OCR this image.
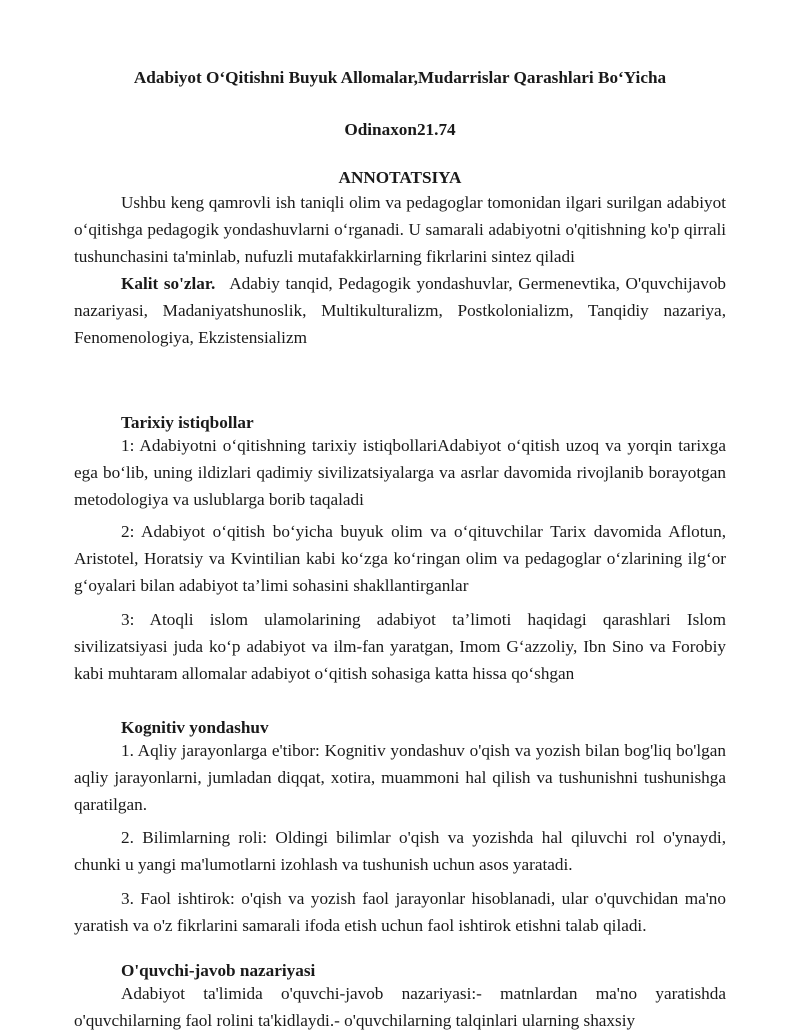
Adabiyot O‘Qitishni Buyuk Allomalar,Mudarrislar Qarashlari Bo‘Yicha
Odinaxon21.74
ANNOTATSIYA

Ushbu keng qamrovli ish taniqli olim va pedagoglar tomonidan ilgari surilgan adabiyot o‘qitishga pedagogik yondashuvlarni o‘rganadi. U samarali adabiyotni o'qitishning ko'p qirrali tushunchasini ta'minlab, nufuzli mutafakkirlarning fikrlarini sintez qiladi

Kalit so'zlar. Adabiy tanqid, Pedagogik yondashuvlar, Germenevtika, O'quvchijavob nazariyasi, Madaniyatshunoslik, Multikulturalizm, Postkolonializm, Tanqidiy nazariya, Fenomenologiya, Ekzistensializm

Tarixiy istiqbollar

1: Adabiyotni o‘qitishning tarixiy istiqbollariAdabiyot o‘qitish uzoq va yorqin tarixga ega bo‘lib, uning ildizlari qadimiy sivilizatsiyalarga va asrlar davomida rivojlanib borayotgan metodologiya va uslublarga borib taqaladi

2: Adabiyot o‘qitish bo‘yicha buyuk olim va o‘qituvchilar Tarix davomida Aflotun, Aristotel, Horatsiy va Kvintilian kabi ko‘zga ko‘ringan olim va pedagoglar o‘zlarining ilg‘or g‘oyalari bilan adabiyot ta’limi sohasini shakllantirganlar

3: Atoqli islom ulamolarining adabiyot ta’limoti haqidagi qarashlari Islom sivilizatsiyasi juda ko‘p adabiyot va ilm-fan yaratgan, Imom G‘azzoliy, Ibn Sino va Forobiy kabi muhtaram allomalar adabiyot o‘qitish sohasiga katta hissa qo‘shgan

Kognitiv yondashuv

1. Aqliy jarayonlarga e'tibor: Kognitiv yondashuv o'qish va yozish bilan bog'liq bo'lgan aqliy jarayonlarni, jumladan diqqat, xotira, muammoni hal qilish va tushunishni tushunishga qaratilgan.

2. Bilimlarning roli: Oldingi bilimlar o'qish va yozishda hal qiluvchi rol o'ynaydi, chunki u yangi ma'lumotlarni izohlash va tushunish uchun asos yaratadi.

3. Faol ishtirok: o'qish va yozish faol jarayonlar hisoblanadi, ular o'quvchidan ma'no yaratish va o'z fikrlarini samarali ifoda etish uchun faol ishtirok etishni talab qiladi.

O'quvchi-javob nazariyasi

Adabiyot ta'limida o'quvchi-javob nazariyasi:- matnlardan ma'no yaratishda o'quvchilarning faol rolini ta'kidlaydi.- o'quvchilarning talqinlari ularning shaxsiy
